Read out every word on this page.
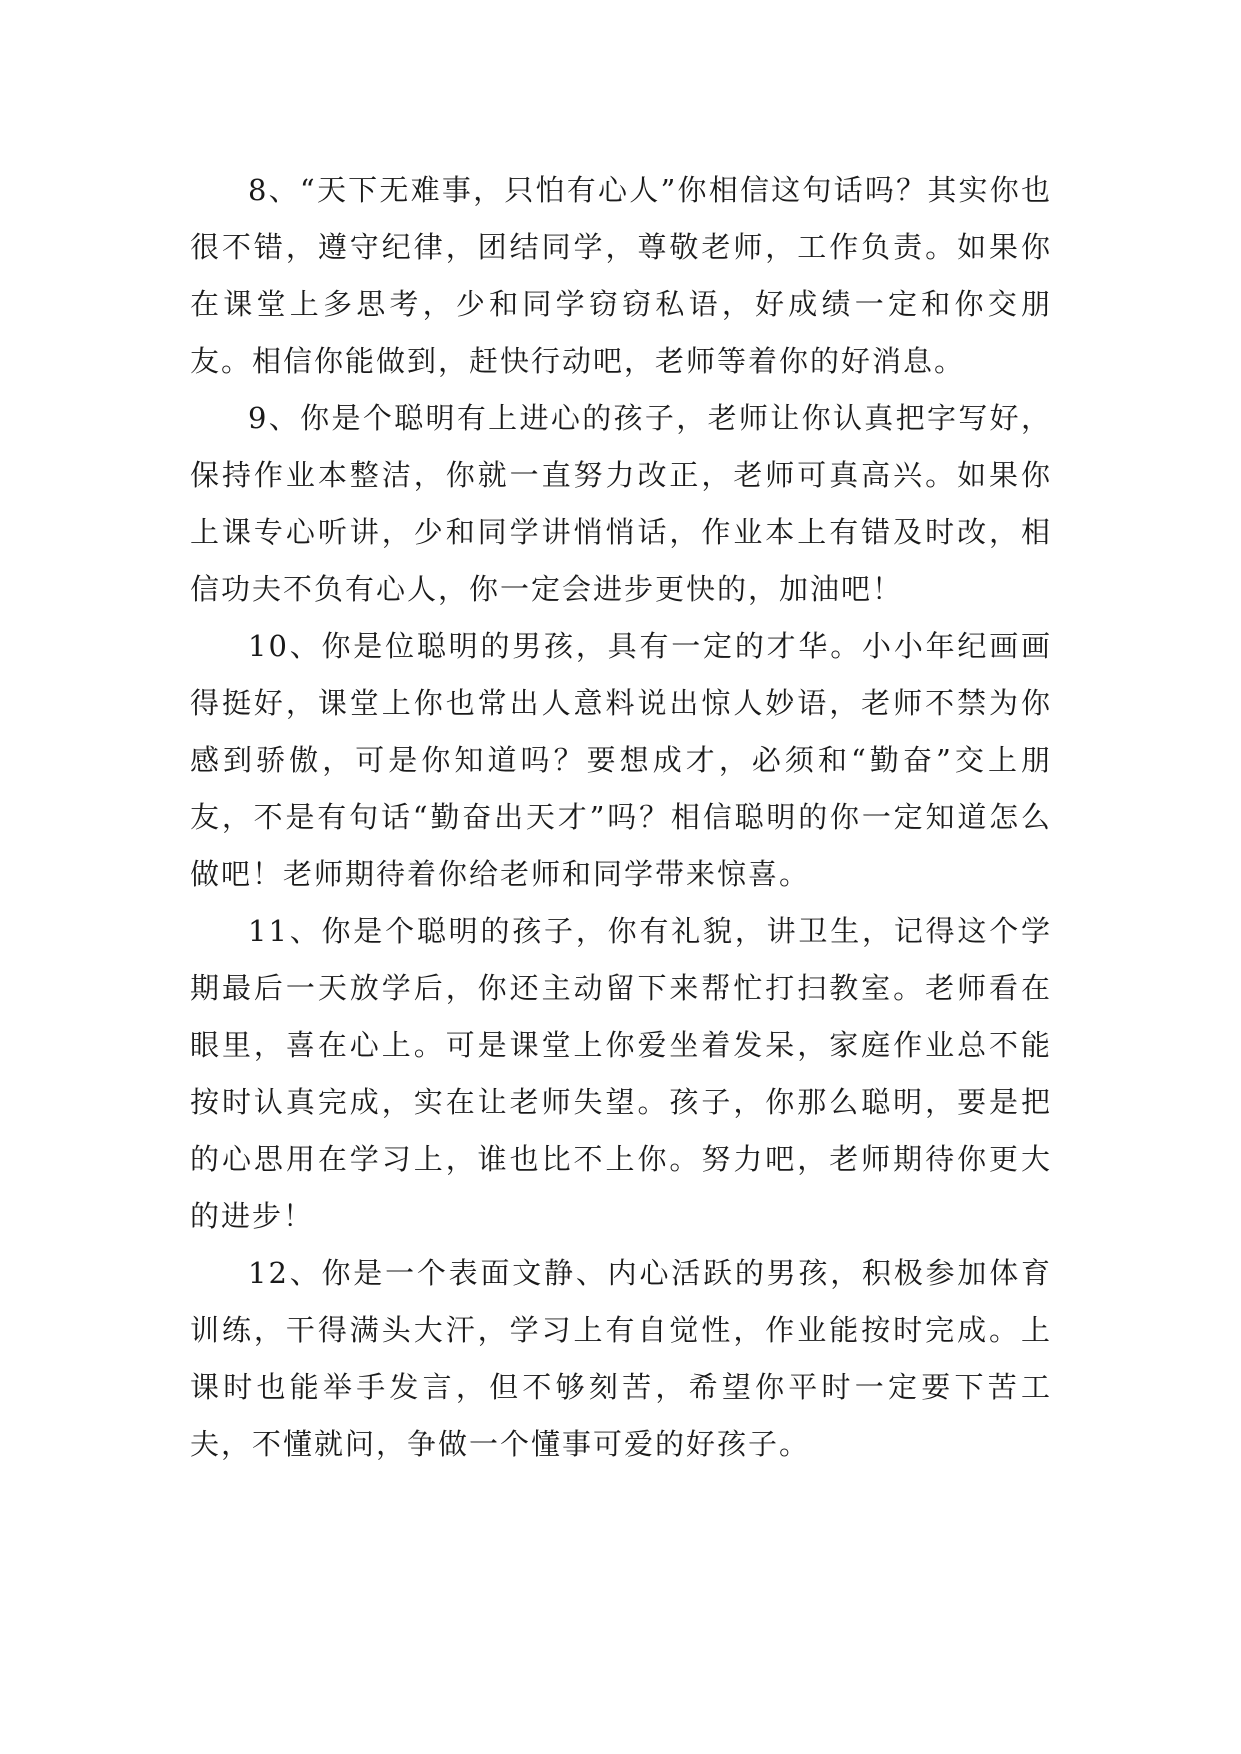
8、“天下无难事，只怕有心人”你相信这句话吗？其实你也很不错，遵守纪律，团结同学，尊敬老师，工作负责。如果你在课堂上多思考，少和同学窃窃私语，好成绩一定和你交朋友。相信你能做到，赶快行动吧，老师等着你的好消息。

9、你是个聪明有上进心的孩子，老师让你认真把字写好，保持作业本整洁，你就一直努力改正，老师可真高兴。如果你上课专心听讲，少和同学讲悄悄话，作业本上有错及时改，相信功夫不负有心人，你一定会进步更快的，加油吧！

10、你是位聪明的男孩，具有一定的才华。小小年纪画画得挺好，课堂上你也常出人意料说出惊人妙语，老师不禁为你感到骄傲，可是你知道吗？要想成才，必须和“勤奋”交上朋友，不是有句话“勤奋出天才”吗？相信聪明的你一定知道怎么做吧！老师期待着你给老师和同学带来惊喜。

11、你是个聪明的孩子，你有礼貌，讲卫生，记得这个学期最后一天放学后，你还主动留下来帮忙打扫教室。老师看在眼里，喜在心上。可是课堂上你爱坐着发呆，家庭作业总不能按时认真完成，实在让老师失望。孩子，你那么聪明，要是把的心思用在学习上，谁也比不上你。努力吧，老师期待你更大的进步！

12、你是一个表面文静、内心活跃的男孩，积极参加体育训练，干得满头大汗，学习上有自觉性，作业能按时完成。上课时也能举手发言，但不够刻苦，希望你平时一定要下苦工夫，不懂就问，争做一个懂事可爱的好孩子。
